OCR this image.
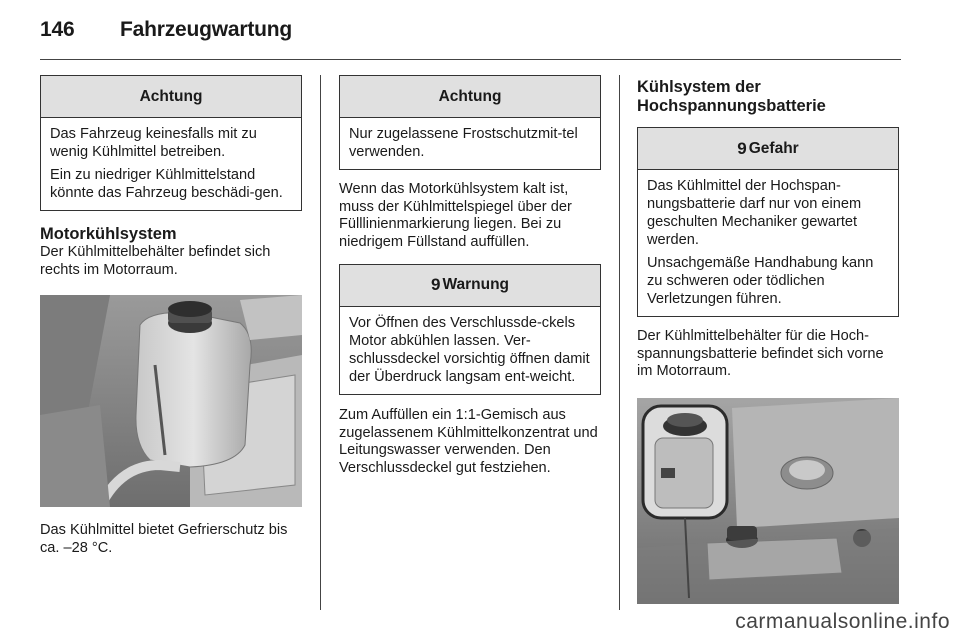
146 Fahrzeugwartung
Achtung

Das Fahrzeug keinesfalls mit zu wenig Kühlmittel betreiben.

Ein zu niedriger Kühlmittelstand könnte das Fahrzeug beschädi-gen.

Motorkühlsystem
Der Kühlmittelbehälter befindet sich rechts im Motorraum.
Das Kühlmittel bietet Gefrierschutz bis ca. –28 °C.
Achtung

Nur zugelassene Frostschutzmit-tel verwenden.

Wenn das Motorkühlsystem kalt ist, muss der Kühlmittelspiegel über der Fülllinienmarkierung liegen. Bei zu niedrigem Füllstand auffüllen.
9 Warnung

Vor Öffnen des Verschlussde-ckels Motor abkühlen lassen. Ver-schlussdeckel vorsichtig öffnen damit der Überdruck langsam ent-weicht.

Zum Auffüllen ein 1:1-Gemisch aus zugelassenem Kühlmittelkonzentrat und Leitungswasser verwenden. Den Verschlussdeckel gut festziehen.
Kühlsystem der
Hochspannungsbatterie
9 Gefahr

Das Kühlmittel der Hochspan-nungsbatterie darf nur von einem geschulten Mechaniker gewartet werden.

Unsachgemäße Handhabung kann zu schweren oder tödlichen Verletzungen führen.

Der Kühlmittelbehälter für die Hoch-spannungsbatterie befindet sich vorne im Motorraum.
carmanualsonline.info
